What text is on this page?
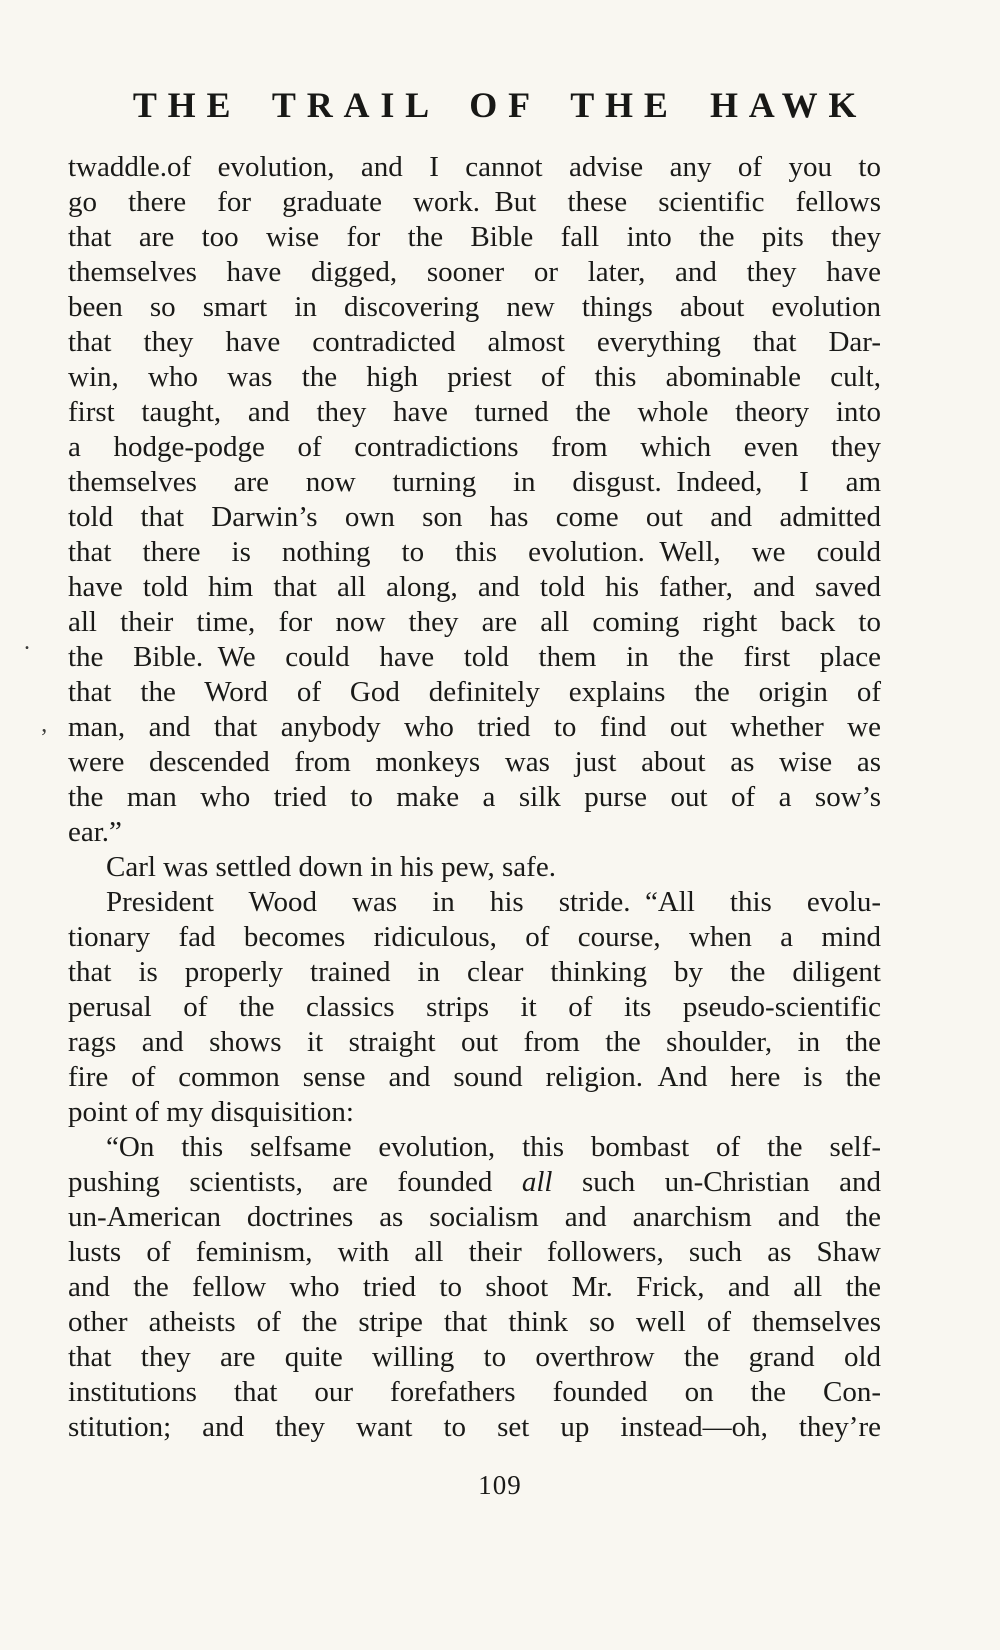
THE TRAIL OF THE HAWK
twaddle.of evolution, and I cannot advise any of you to
go there for graduate work. But these scientific fellows
that are too wise for the Bible fall into the pits they
themselves have digged, sooner or later, and they have
been so smart in discovering new things about evolution
that they have contradicted almost everything that Dar-
win, who was the high priest of this abominable cult,
first taught, and they have turned the whole theory into
a hodge-podge of contradictions from which even they
themselves are now turning in disgust. Indeed, I am
told that Darwin’s own son has come out and admitted
that there is nothing to this evolution. Well, we could
have told him that all along, and told his father, and saved
all their time, for now they are all coming right back to
the Bible. We could have told them in the first place
that the Word of God definitely explains the origin of
man, and that anybody who tried to find out whether we
were descended from monkeys was just about as wise as
the man who tried to make a silk purse out of a sow’s
ear.”
Carl was settled down in his pew, safe.
President Wood was in his stride. “All this evolu-
tionary fad becomes ridiculous, of course, when a mind
that is properly trained in clear thinking by the diligent
perusal of the classics strips it of its pseudo-scientific
rags and shows it straight out from the shoulder, in the
fire of common sense and sound religion. And here is the
point of my disquisition:
“On this selfsame evolution, this bombast of the self-
pushing scientists, are founded all such un-Christian and
un-American doctrines as socialism and anarchism and the
lusts of feminism, with all their followers, such as Shaw
and the fellow who tried to shoot Mr. Frick, and all the
other atheists of the stripe that think so well of themselves
that they are quite willing to overthrow the grand old
institutions that our forefathers founded on the Con-
stitution; and they want to set up instead—oh, they’re
109
.
’
